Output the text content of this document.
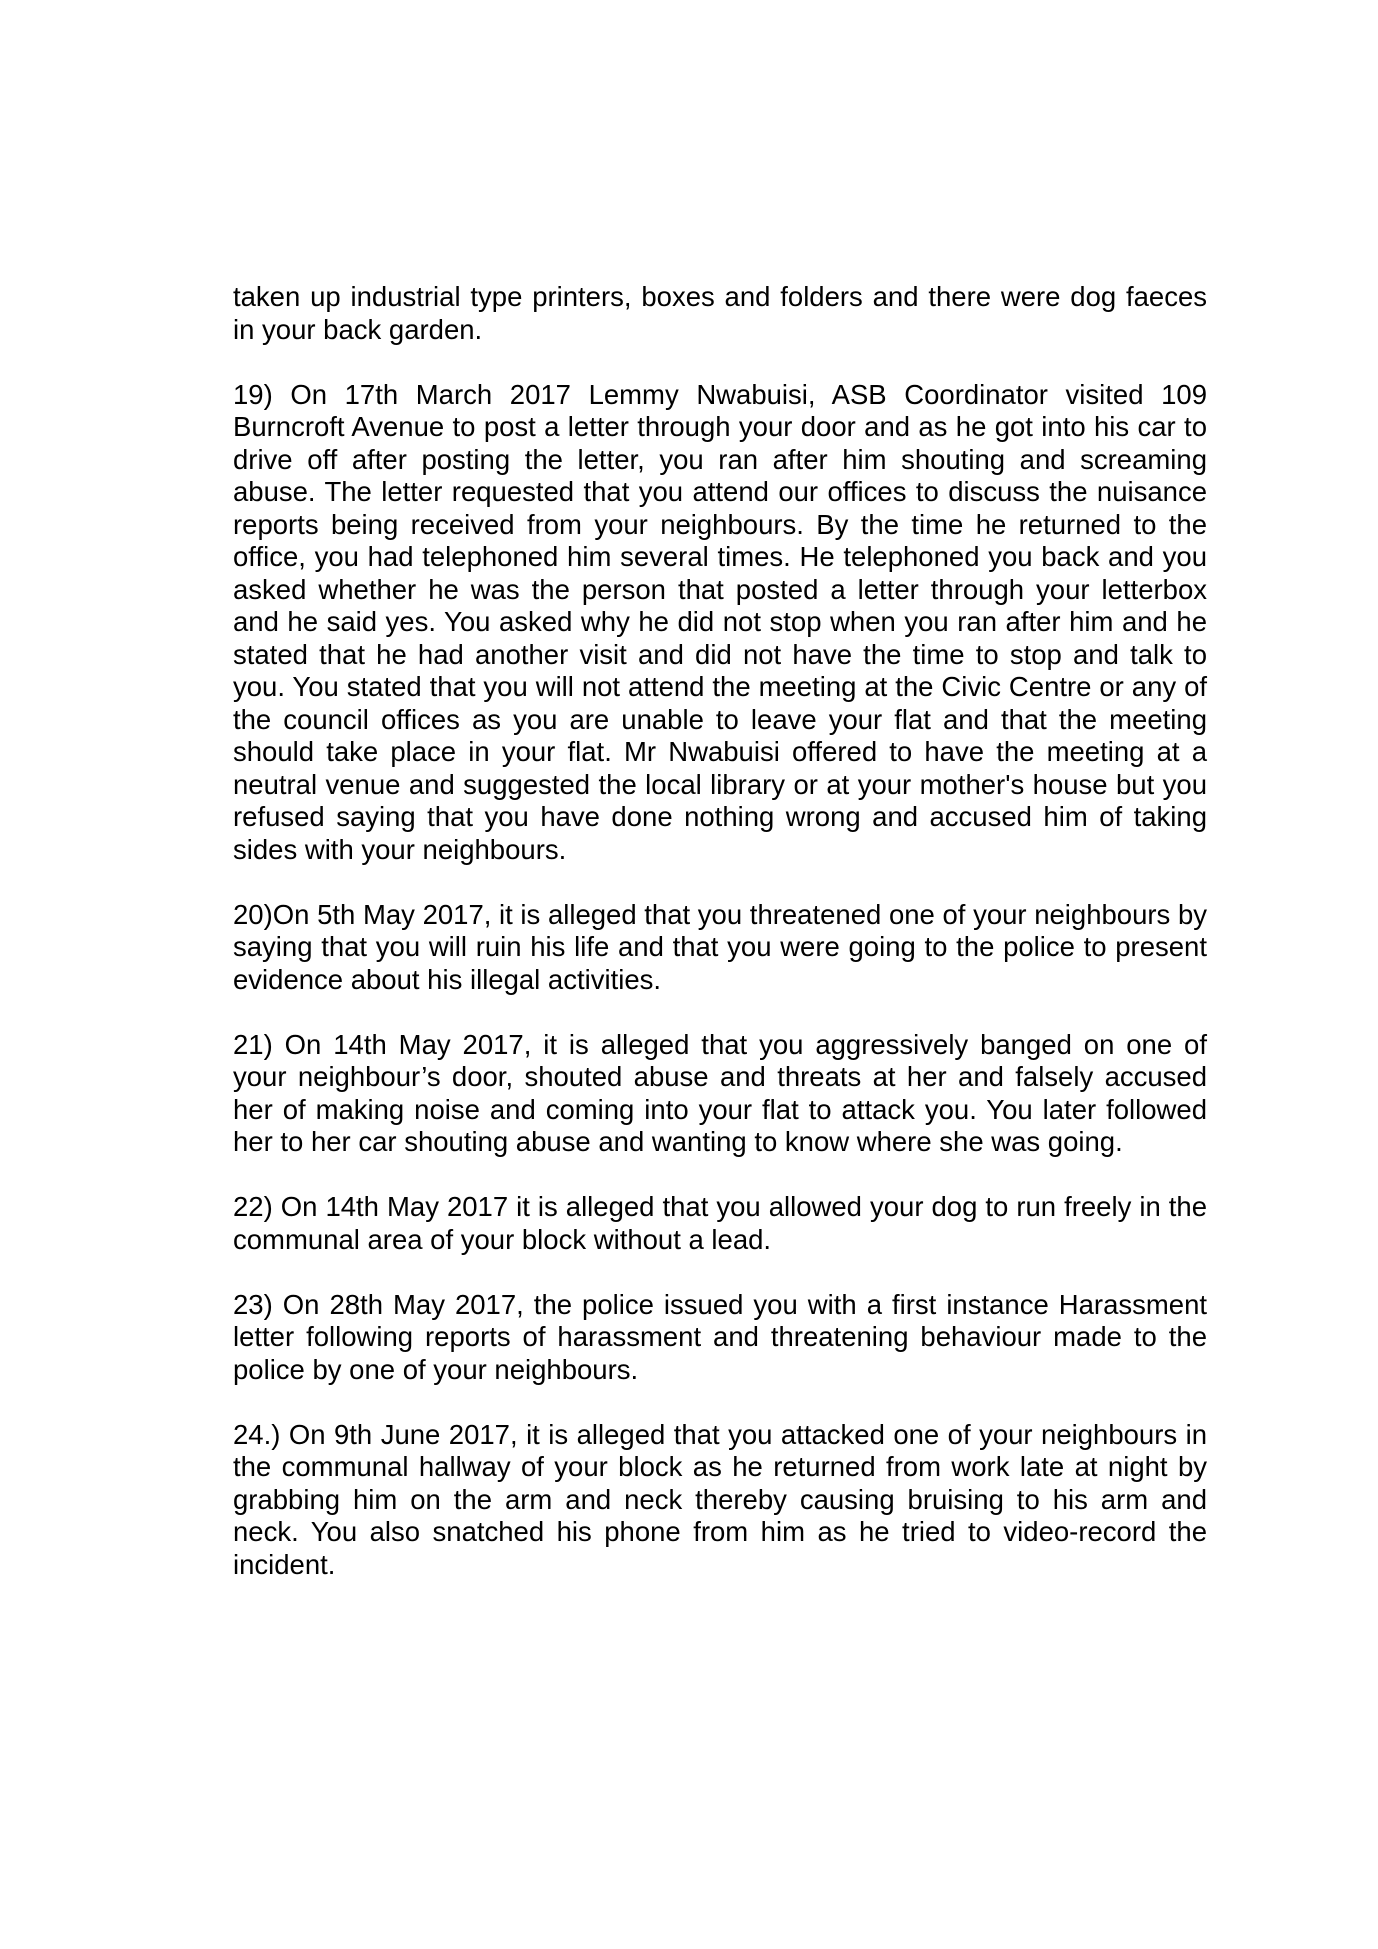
taken up industrial type printers, boxes and folders and there were dog faeces in your back garden.

19) On 17th March 2017 Lemmy Nwabuisi, ASB Coordinator visited 109 Burncroft Avenue to post a letter through your door and as he got into his car to drive off after posting the letter, you ran after him shouting and screaming abuse. The letter requested that you attend our offices to discuss the nuisance reports being received from your neighbours. By the time he returned to the office, you had telephoned him several times. He telephoned you back and you asked whether he was the person that posted a letter through your letterbox and he said yes. You asked why he did not stop when you ran after him and he stated that he had another visit and did not have the time to stop and talk to you. You stated that you will not attend the meeting at the Civic Centre or any of the council offices as you are unable to leave your flat and that the meeting should take place in your flat. Mr Nwabuisi offered to have the meeting at a neutral venue and suggested the local library or at your mother's house but you refused saying that you have done nothing wrong and accused him of taking sides with your neighbours.

20)On 5th May 2017, it is alleged that you threatened one of your neighbours by saying that you will ruin his life and that you were going to the police to present evidence about his illegal activities.

21) On 14th May 2017, it is alleged that you aggressively banged on one of your neighbour’s door, shouted abuse and threats at her and falsely accused her of making noise and coming into your flat to attack you. You later followed her to her car shouting abuse and wanting to know where she was going.

22) On 14th May 2017 it is alleged that you allowed your dog to run freely in the communal area of your block without a lead.

23) On 28th May 2017, the police issued you with a first instance Harassment letter following reports of harassment and threatening behaviour made to the police by one of your neighbours.

24.) On 9th June 2017, it is alleged that you attacked one of your neighbours in the communal hallway of your block as he returned from work late at night by grabbing him on the arm and neck thereby causing bruising to his arm and neck. You also snatched his phone from him as he tried to video-record the incident.
